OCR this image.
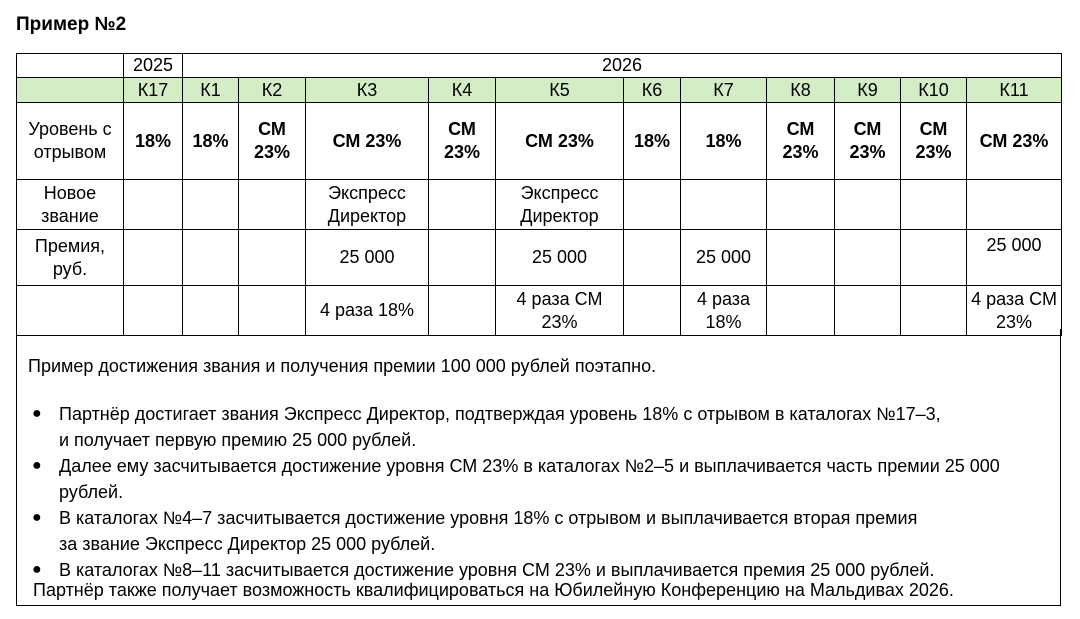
Пример №2
	2025	2026										
	К17	К1	К2	К3	К4	К5	К6	К7	К8	К9	К10	К11
Уровень с отрывом	18%	18%	СМ 23%	СМ 23%	СМ 23%	СМ 23%	18%	18%	СМ 23%	СМ 23%	СМ 23%	СМ 23%
Новое звание				Экспресс Директор		Экспресс Директор						
Премия, руб.				25 000		25 000		25 000				25 000
				4 раза 18%		4 раза СМ 23%		4 раза 18%				4 раза СМ 23%
Пример достижения звания и получения премии 100 000 рублей поэтапно.
● Партнёр достигает звания Экспресс Директор, подтверждая уровень 18% с отрывом в каталогах №17–3,
и получает первую премию 25 000 рублей.
● Далее ему засчитывается достижение уровня СМ 23% в каталогах №2–5 и выплачивается часть премии 25 000 рублей.
● В каталогах №4–7 засчитывается достижение уровня 18% с отрывом и выплачивается вторая премия
за звание Экспресс Директор 25 000 рублей.
● В каталогах №8–11 засчитывается достижение уровня СМ 23% и выплачивается премия 25 000 рублей.
Партнёр также получает возможность квалифицироваться на Юбилейную Конференцию на Мальдивах 2026.
